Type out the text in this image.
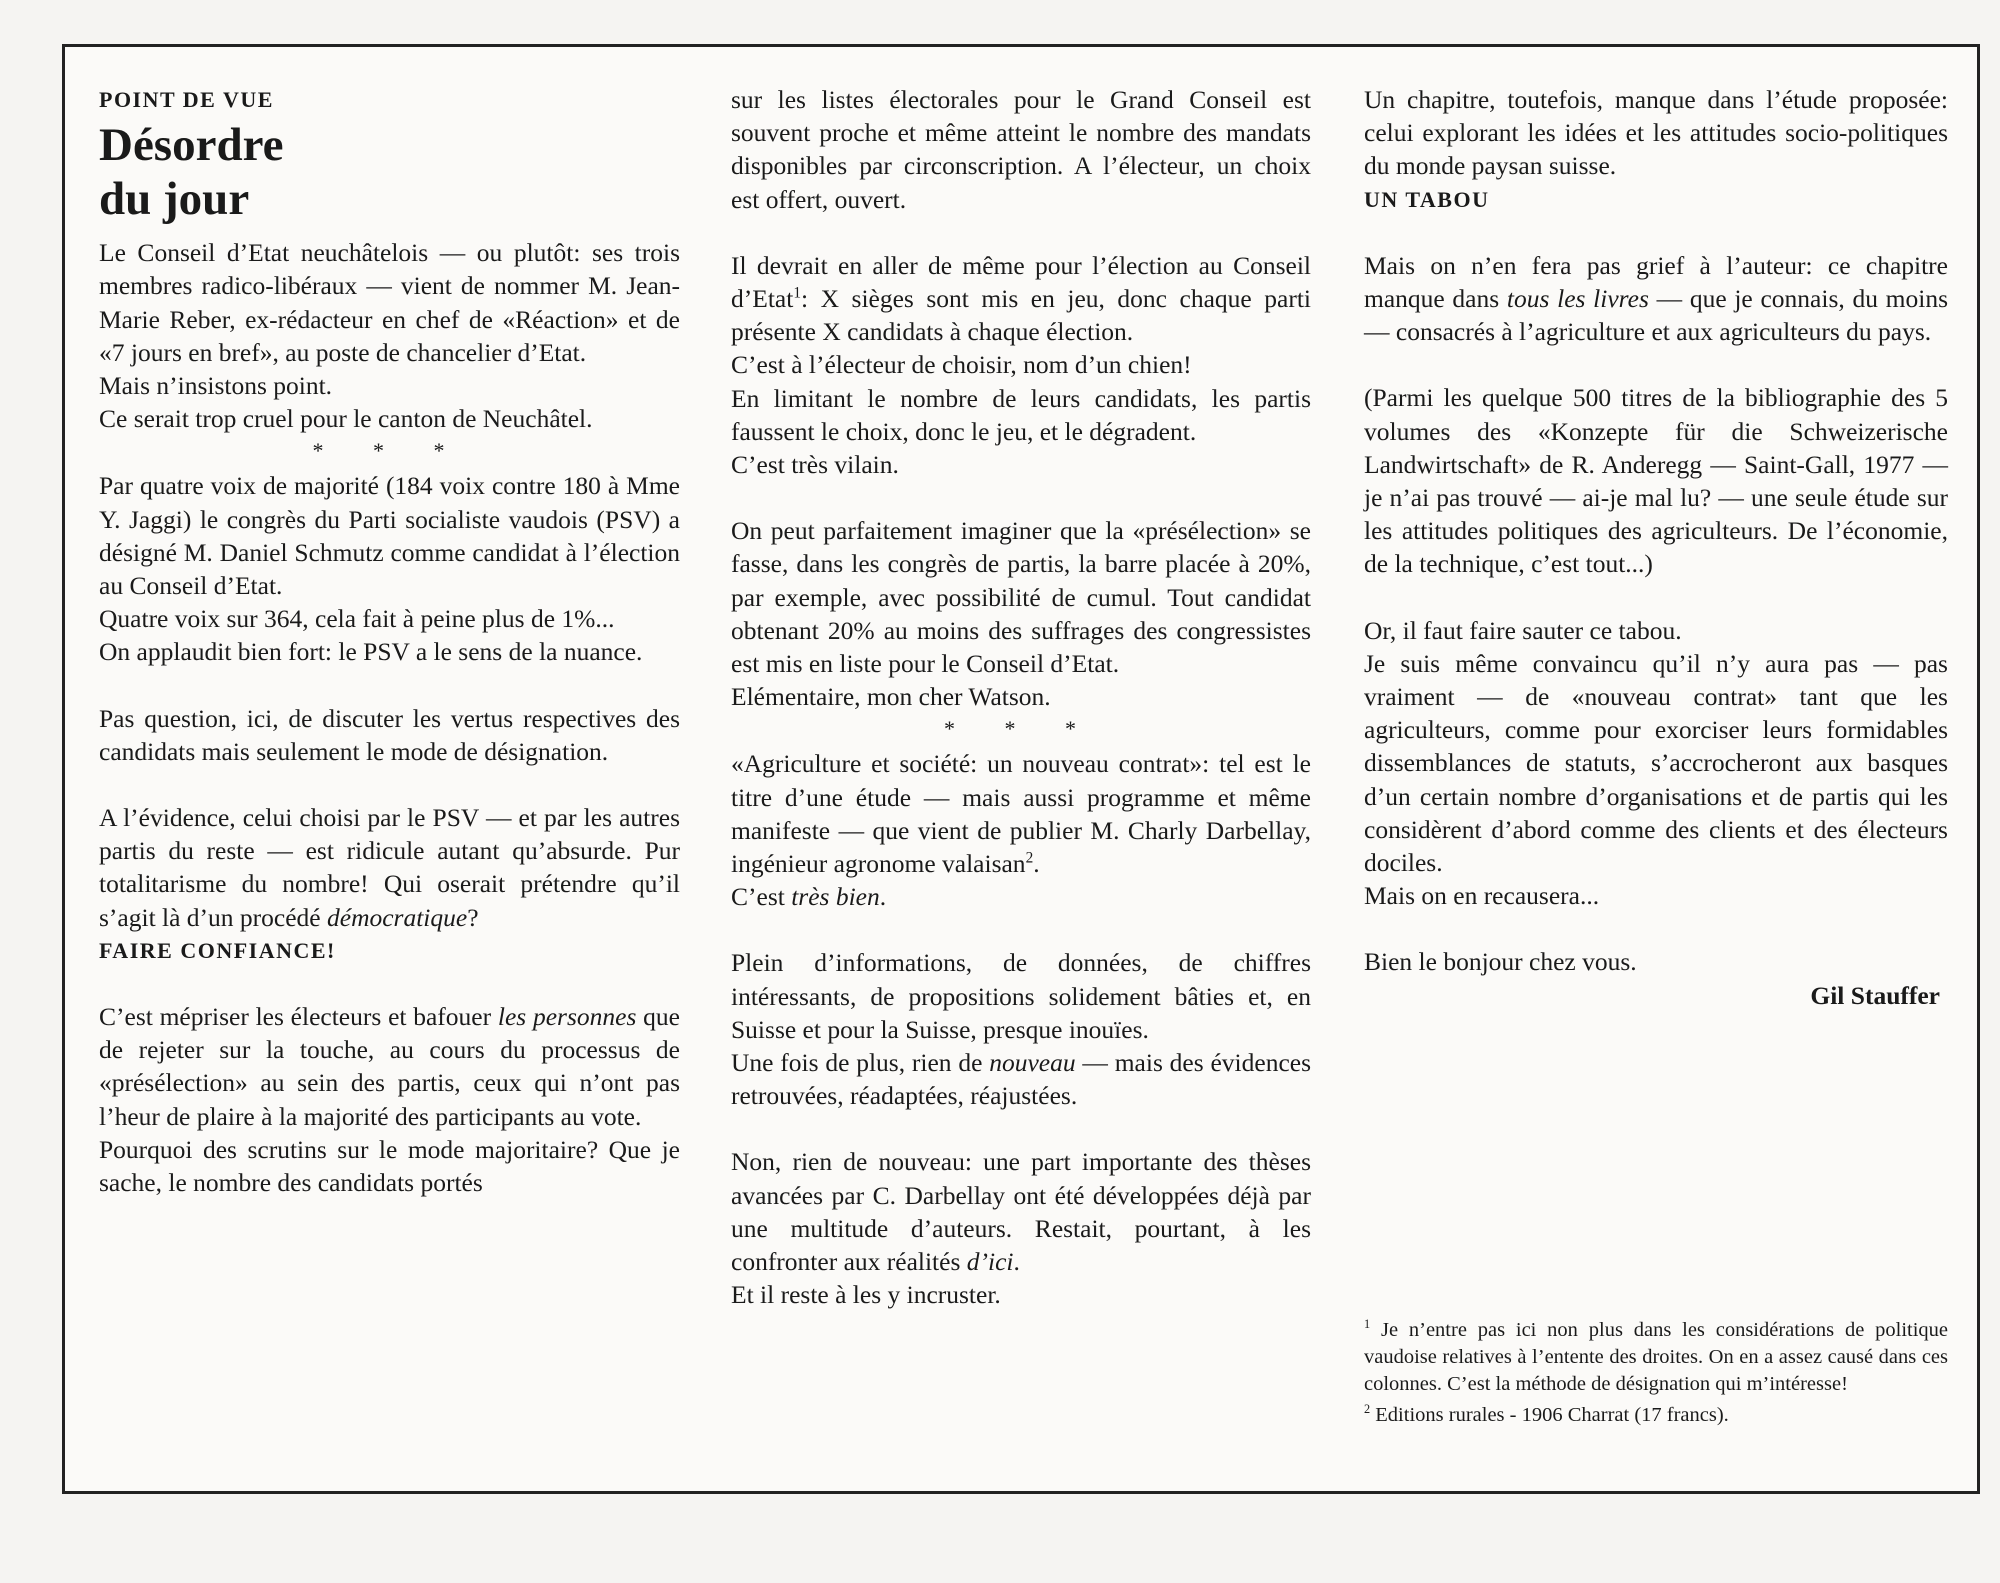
POINT DE VUE

Désordre
du jour

Le Conseil d’Etat neuchâtelois — ou plutôt: ses trois membres radico-libéraux — vient de nommer M. Jean-Marie Reber, ex-rédacteur en chef de «Réaction» et de «7 jours en bref», au poste de chancelier d’Etat.

Mais n’insistons point.

Ce serait trop cruel pour le canton de Neuchâtel.

* * *

Par quatre voix de majorité (184 voix contre 180 à Mme Y. Jaggi) le congrès du Parti socialiste vaudois (PSV) a désigné M. Daniel Schmutz comme candidat à l’élection au Conseil d’Etat.

Quatre voix sur 364, cela fait à peine plus de 1%...

On applaudit bien fort: le PSV a le sens de la nuance.

Pas question, ici, de discuter les vertus respectives des candidats mais seulement le mode de désignation.

A l’évidence, celui choisi par le PSV — et par les autres partis du reste — est ridicule autant qu’absurde. Pur totalitarisme du nombre! Qui oserait prétendre qu’il s’agit là d’un procédé démocratique?

FAIRE CONFIANCE!

C’est mépriser les électeurs et bafouer les personnes que de rejeter sur la touche, au cours du processus de «présélection» au sein des partis, ceux qui n’ont pas l’heur de plaire à la majorité des participants au vote.

Pourquoi des scrutins sur le mode majoritaire? Que je sache, le nombre des candidats portés

sur les listes électorales pour le Grand Conseil est souvent proche et même atteint le nombre des mandats disponibles par circonscription. A l’électeur, un choix est offert, ouvert.

Il devrait en aller de même pour l’élection au Conseil d’Etat$^1$: X sièges sont mis en jeu, donc chaque parti présente X candidats à chaque élection.

C’est à l’électeur de choisir, nom d’un chien!

En limitant le nombre de leurs candidats, les partis faussent le choix, donc le jeu, et le dégradent.

C’est très vilain.

On peut parfaitement imaginer que la «présélection» se fasse, dans les congrès de partis, la barre placée à 20%, par exemple, avec possibilité de cumul. Tout candidat obtenant 20% au moins des suffrages des congressistes est mis en liste pour le Conseil d’Etat.

Elémentaire, mon cher Watson.

* * *

«Agriculture et société: un nouveau contrat»: tel est le titre d’une étude — mais aussi programme et même manifeste — que vient de publier M. Charly Darbellay, ingénieur agronome valaisan$^2$.

C’est très bien.

Plein d’informations, de données, de chiffres intéressants, de propositions solidement bâties et, en Suisse et pour la Suisse, presque inouïes.

Une fois de plus, rien de nouveau — mais des évidences retrouvées, réadaptées, réajustées.

Non, rien de nouveau: une part importante des thèses avancées par C. Darbellay ont été développées déjà par une multitude d’auteurs. Restait, pourtant, à les confronter aux réalités d’ici.

Et il reste à les y incruster.

Un chapitre, toutefois, manque dans l’étude proposée: celui explorant les idées et les attitudes socio-politiques du monde paysan suisse.

UN TABOU

Mais on n’en fera pas grief à l’auteur: ce chapitre manque dans tous les livres — que je connais, du moins — consacrés à l’agriculture et aux agriculteurs du pays.

(Parmi les quelque 500 titres de la bibliographie des 5 volumes des «Konzepte für die Schweizerische Landwirtschaft» de R. Anderegg — Saint-Gall, 1977 — je n’ai pas trouvé — ai-je mal lu? — une seule étude sur les attitudes politiques des agriculteurs. De l’économie, de la technique, c’est tout...)

Or, il faut faire sauter ce tabou.

Je suis même convaincu qu’il n’y aura pas — pas vraiment — de «nouveau contrat» tant que les agriculteurs, comme pour exorciser leurs formidables dissemblances de statuts, s’accrocheront aux basques d’un certain nombre d’organisations et de partis qui les considèrent d’abord comme des clients et des électeurs dociles.

Mais on en recausera...

Bien le bonjour chez vous.

Gil Stauffer

$^1$ Je n’entre pas ici non plus dans les considérations de politique vaudoise relatives à l’entente des droites. On en a assez causé dans ces colonnes. C’est la méthode de désignation qui m’intéresse!

$^2$ Editions rurales - 1906 Charrat (17 francs).
